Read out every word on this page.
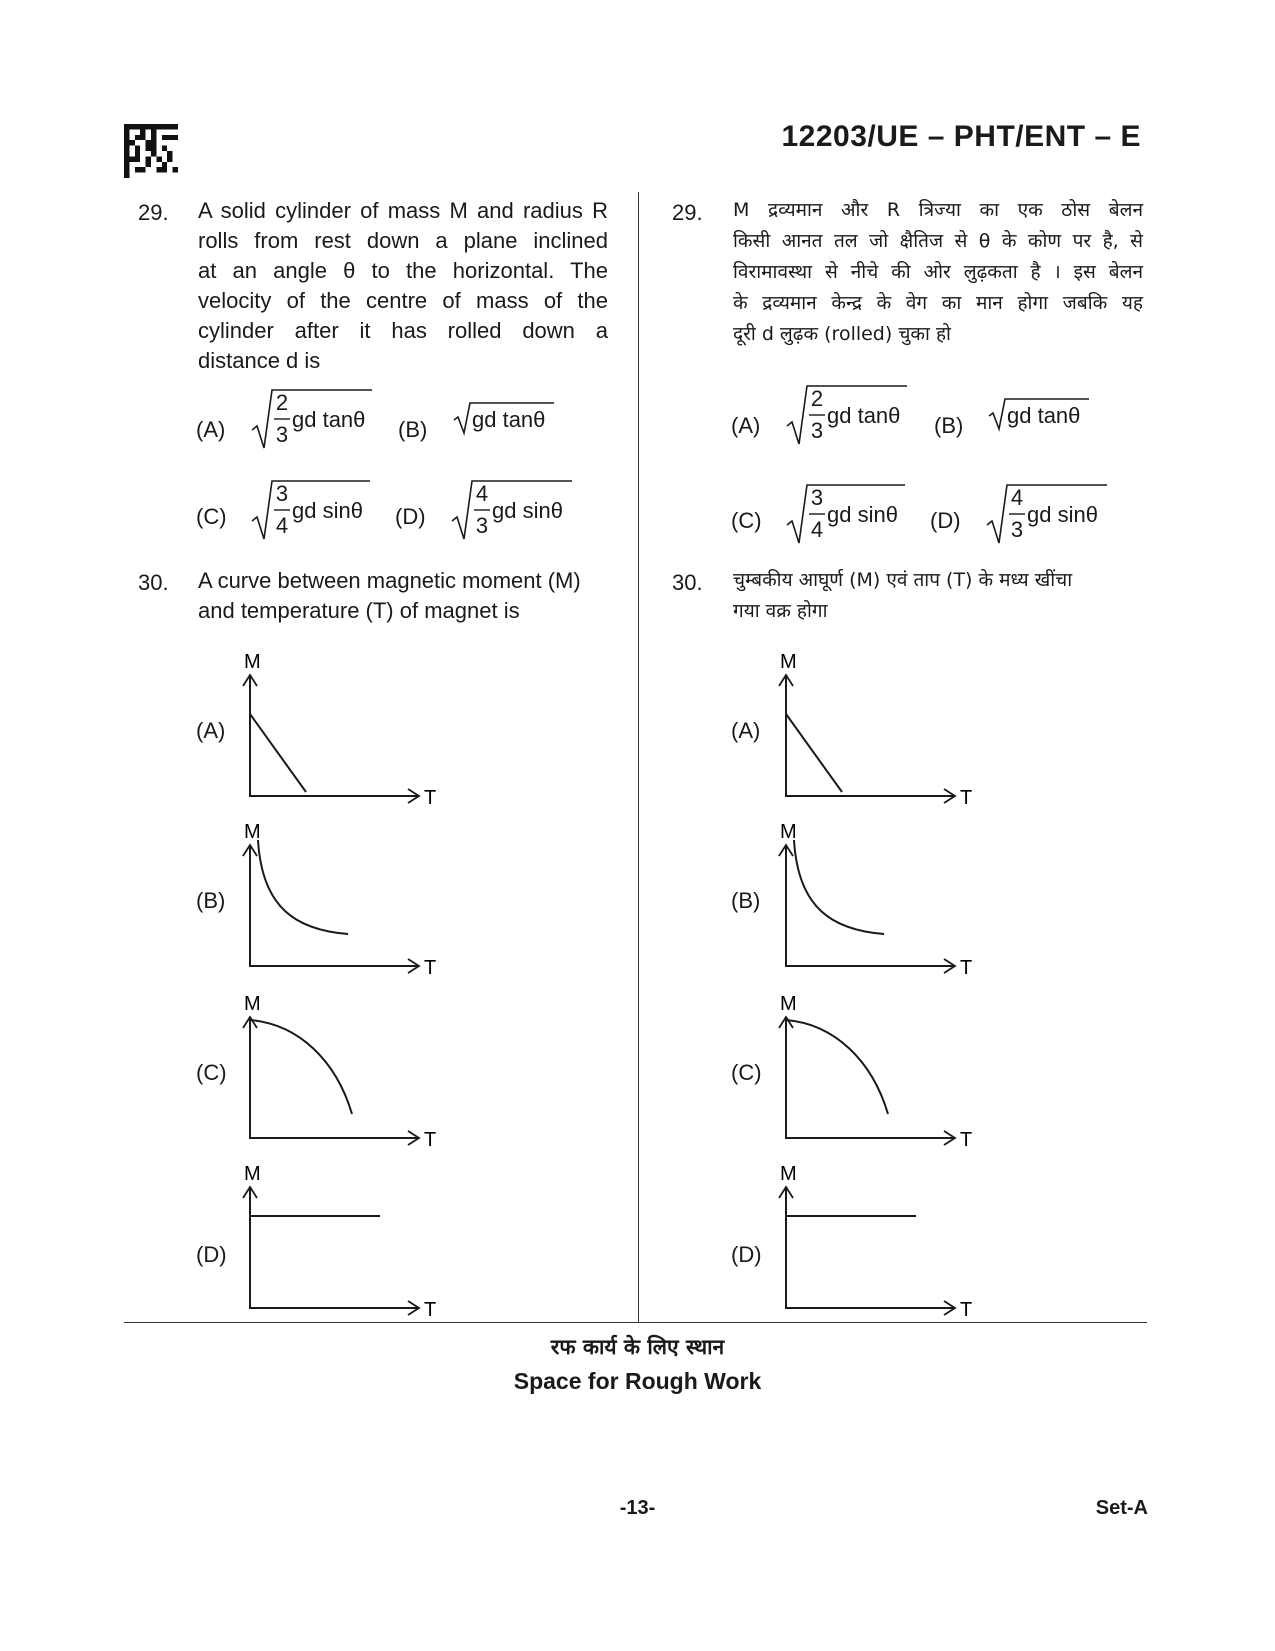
12203/UE – PHT/ENT – E
29. A solid cylinder of mass M and radius R
rolls from rest down a plane inclined
at an angle θ to the horizontal. The
velocity of the centre of mass of the
cylinder after it has rolled down a
distance d is
(A)
2
3
gd tanθ (B) gd tanθ
(C)
3
4
gd sinθ (D)
4
3
gd sinθ
30. A curve between magnetic moment (M)
and temperature (T) of magnet is
29. M द्रव्यमान और R त्रिज्या का एक ठोस बेलन
किसी आनत तल जो क्षैतिज से θ के कोण पर है, से
विरामावस्था से नीचे की ओर लुढ़कता है । इस बेलन
के द्रव्यमान केन्द्र के वेग का मान होगा जबकि यह
दूरी d लुढ़क (rolled) चुका हो
(A)
2
3
gd tanθ (B) gd tanθ
(C)
3
4
gd sinθ (D)
4
3
gd sinθ
30. चुम्बकीय आघूर्ण (M) एवं ताप (T) के मध्य खींचा
गया वक्र होगा
(A)
M
T
(B)
M
T
(C)
M
T
(D)
M
T
(A)
M
T
(B)
M
T
(C)
M
T
(D)
M
T
रफ कार्य के लिए स्थान
Space for Rough Work
-13-	Set-A
